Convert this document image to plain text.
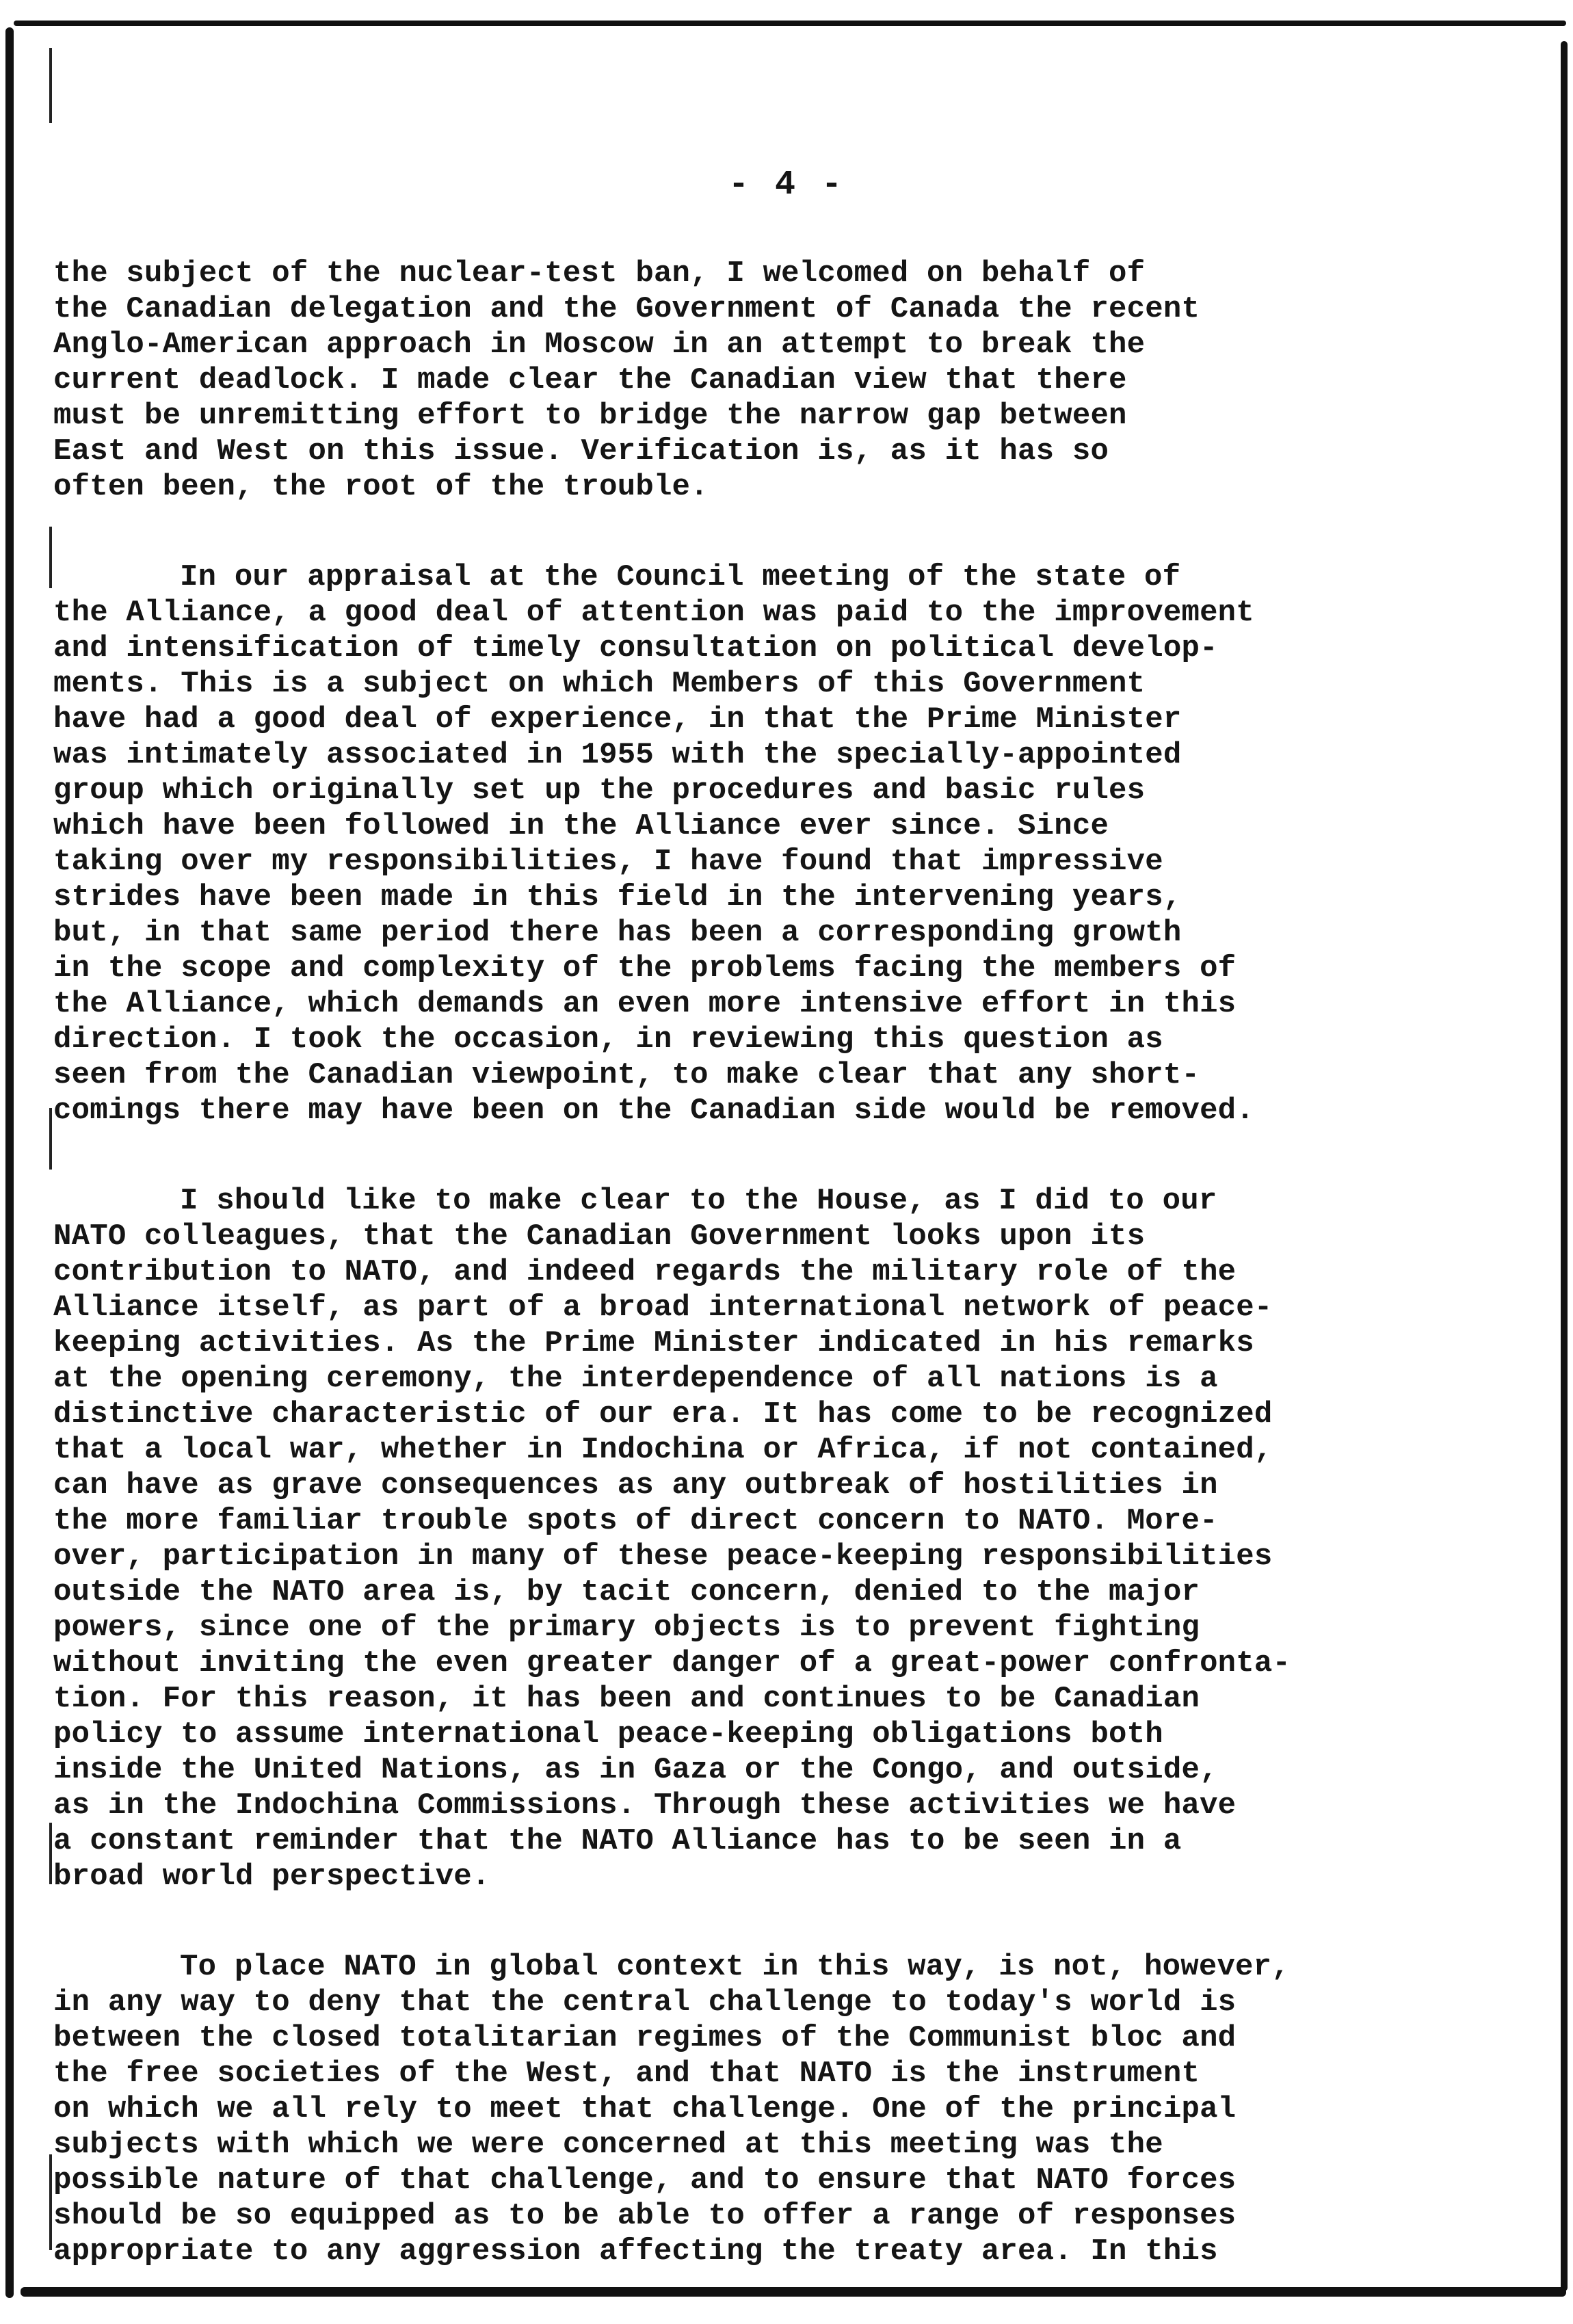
- 4 -

the subject of the nuclear-test ban, I welcomed on behalf of

the Canadian delegation and the Government of Canada the recent

Anglo-American approach in Moscow in an attempt to break the

current deadlock. I made clear the Canadian view that there

must be unremitting effort to bridge the narrow gap between

East and West on this issue. Verification is, as it has so

often been, the root of the trouble.

In our appraisal at the Council meeting of the state of

the Alliance, a good deal of attention was paid to the improvement

and intensification of timely consultation on political develop-

ments. This is a subject on which Members of this Government

have had a good deal of experience, in that the Prime Minister

was intimately associated in 1955 with the specially-appointed

group which originally set up the procedures and basic rules

which have been followed in the Alliance ever since. Since

taking over my responsibilities, I have found that impressive

strides have been made in this field in the intervening years,

but, in that same period there has been a corresponding growth

in the scope and complexity of the problems facing the members of

the Alliance, which demands an even more intensive effort in this

direction. I took the occasion, in reviewing this question as

seen from the Canadian viewpoint, to make clear that any short-

comings there may have been on the Canadian side would be removed.

I should like to make clear to the House, as I did to our

NATO colleagues, that the Canadian Government looks upon its

contribution to NATO, and indeed regards the military role of the

Alliance itself, as part of a broad international network of peace-

keeping activities. As the Prime Minister indicated in his remarks

at the opening ceremony, the interdependence of all nations is a

distinctive characteristic of our era. It has come to be recognized

that a local war, whether in Indochina or Africa, if not contained,

can have as grave consequences as any outbreak of hostilities in

the more familiar trouble spots of direct concern to NATO. More-

over, participation in many of these peace-keeping responsibilities

outside the NATO area is, by tacit concern, denied to the major

powers, since one of the primary objects is to prevent fighting

without inviting the even greater danger of a great-power confronta-

tion. For this reason, it has been and continues to be Canadian

policy to assume international peace-keeping obligations both

inside the United Nations, as in Gaza or the Congo, and outside,

as in the Indochina Commissions. Through these activities we have

a constant reminder that the NATO Alliance has to be seen in a

broad world perspective.

To place NATO in global context in this way, is not, however,

in any way to deny that the central challenge to today's world is

between the closed totalitarian regimes of the Communist bloc and

the free societies of the West, and that NATO is the instrument

on which we all rely to meet that challenge. One of the principal

subjects with which we were concerned at this meeting was the

possible nature of that challenge, and to ensure that NATO forces

should be so equipped as to be able to offer a range of responses

appropriate to any aggression affecting the treaty area. In this
